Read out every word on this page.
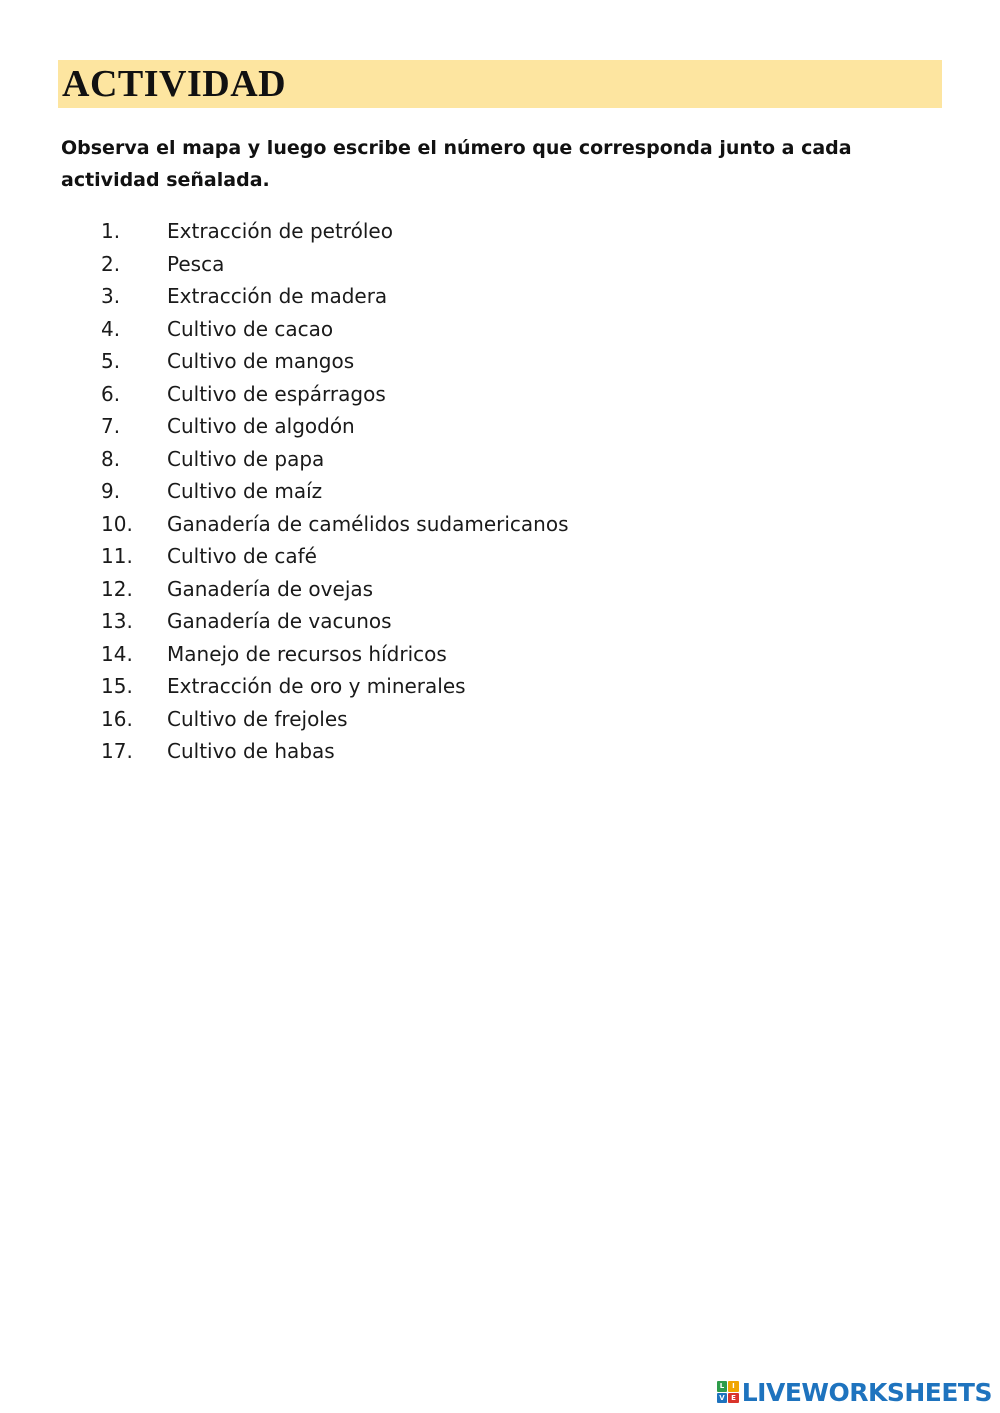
ACTIVIDAD

Observa el mapa y luego escribe el número que corresponda junto a cada actividad señalada.

1.	Extracción de petróleo
2.	Pesca
3.	Extracción de madera
4.	Cultivo de cacao
5.	Cultivo de mangos
6.	Cultivo de espárragos
7.	Cultivo de algodón
8.	Cultivo de papa
9.	Cultivo de maíz
10.	Ganadería de camélidos sudamericanos
11.	Cultivo de café
12.	Ganadería de ovejas
13.	Ganadería de vacunos
14.	Manejo de recursos hídricos
15.	Extracción de oro y minerales
16.	Cultivo de frejoles
17.	Cultivo de habas
L	I
V E LIVEWORKSHEETS
